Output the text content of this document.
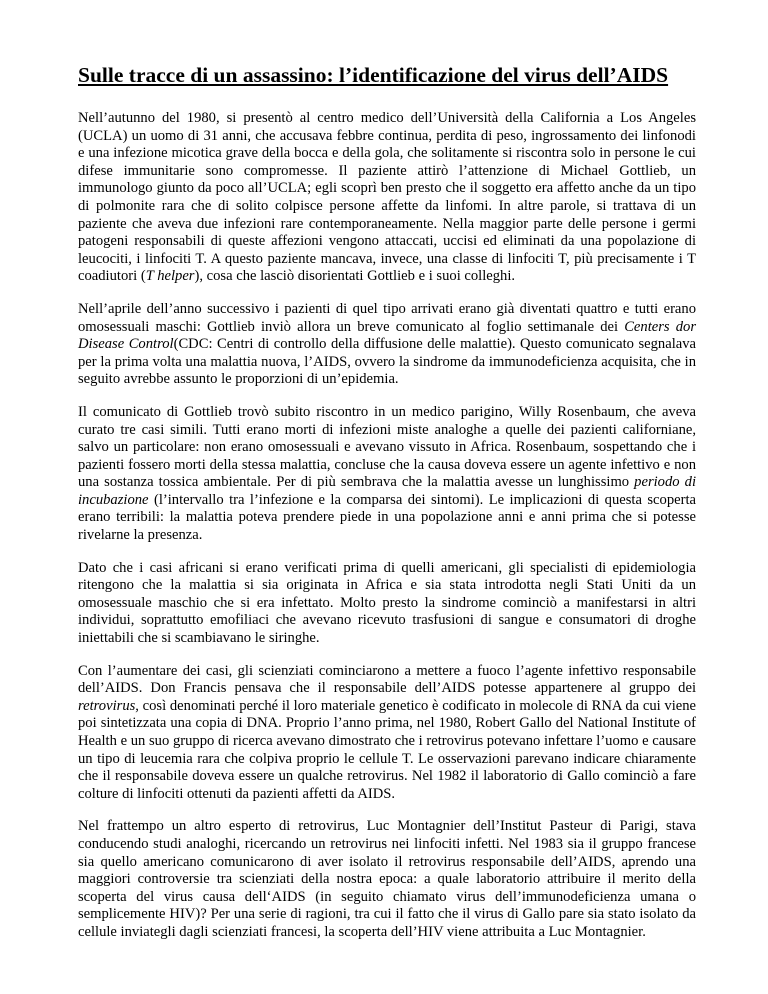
Sulle tracce di un assassino: l’identificazione del virus dell’AIDS

Nell’autunno del 1980, si presentò al centro medico dell’Università della California a Los Angeles (UCLA) un uomo di 31 anni, che accusava febbre continua, perdita di peso, ingrossamento dei linfonodi e una infezione micotica grave della bocca e della gola, che solitamente si riscontra solo in persone le cui difese immunitarie sono compromesse. Il paziente attirò l’attenzione di Michael Gottlieb, un immunologo giunto da poco all’UCLA; egli scoprì ben presto che il soggetto era affetto anche da un tipo di polmonite rara che di solito colpisce persone affette da linfomi. In altre parole, si trattava di un paziente che aveva due infezioni rare contemporaneamente. Nella maggior parte delle persone i germi patogeni responsabili di queste affezioni vengono attaccati, uccisi ed eliminati da una popolazione di leucociti, i linfociti T. A questo paziente mancava, invece, una classe di linfociti T, più precisamente i T coadiutori (T helper), cosa che lasciò disorientati Gottlieb e i suoi colleghi.

Nell’aprile dell’anno successivo i pazienti di quel tipo arrivati erano già diventati quattro e tutti erano omosessuali maschi: Gottlieb inviò allora un breve comunicato al foglio settimanale dei Centers dor Disease Control(CDC: Centri di controllo della diffusione delle malattie). Questo comunicato segnalava per la prima volta una malattia nuova, l’AIDS, ovvero la sindrome da immunodeficienza acquisita, che in seguito avrebbe assunto le proporzioni di un’epidemia.

Il comunicato di Gottlieb trovò subito riscontro in un medico parigino, Willy Rosenbaum, che aveva curato tre casi simili. Tutti erano morti di infezioni miste analoghe a quelle dei pazienti californiane, salvo un particolare: non erano omosessuali e avevano vissuto in Africa. Rosenbaum, sospettando che i pazienti fossero morti della stessa malattia, concluse che la causa doveva essere un agente infettivo e non una sostanza tossica ambientale. Per di più sembrava che la malattia avesse un lunghissimo periodo di incubazione (l’intervallo tra l’infezione e la comparsa dei sintomi). Le implicazioni di questa scoperta erano terribili: la malattia poteva prendere piede in una popolazione anni e anni prima che si potesse rivelarne la presenza.

Dato che i casi africani si erano verificati prima di quelli americani, gli specialisti di epidemiologia ritengono che la malattia si sia originata in Africa e sia stata introdotta negli Stati Uniti da un omosessuale maschio che si era infettato. Molto presto la sindrome cominciò a manifestarsi in altri individui, soprattutto emofiliaci che avevano ricevuto trasfusioni di sangue e consumatori di droghe iniettabili che si scambiavano le siringhe.

Con l’aumentare dei casi, gli scienziati cominciarono a mettere a fuoco l’agente infettivo responsabile dell’AIDS. Don Francis pensava che il responsabile dell’AIDS potesse appartenere al gruppo dei retrovirus, così denominati perché il loro materiale genetico è codificato in molecole di RNA da cui viene poi sintetizzata una copia di DNA. Proprio l’anno prima, nel 1980, Robert Gallo del National Institute of Health e un suo gruppo di ricerca avevano dimostrato che i retrovirus potevano infettare l’uomo e causare un tipo di leucemia rara che colpiva proprio le cellule T. Le osservazioni parevano indicare chiaramente che il responsabile doveva essere un qualche retrovirus. Nel 1982 il laboratorio di Gallo cominciò a fare colture di linfociti ottenuti da pazienti affetti da AIDS.

Nel frattempo un altro esperto di retrovirus, Luc Montagnier dell’Institut Pasteur di Parigi, stava conducendo studi analoghi, ricercando un retrovirus nei linfociti infetti. Nel 1983 sia il gruppo francese sia quello americano comunicarono di aver isolato il retrovirus responsabile dell’AIDS, aprendo una maggiori controversie tra scienziati della nostra epoca: a quale laboratorio attribuire il merito della scoperta del virus causa dell‘AIDS (in seguito chiamato virus dell’immunodeficienza umana o semplicemente HIV)? Per una serie di ragioni, tra cui il fatto che il virus di Gallo pare sia stato isolato da cellule inviategli dagli scienziati francesi, la scoperta dell’HIV viene attribuita a Luc Montagnier.
